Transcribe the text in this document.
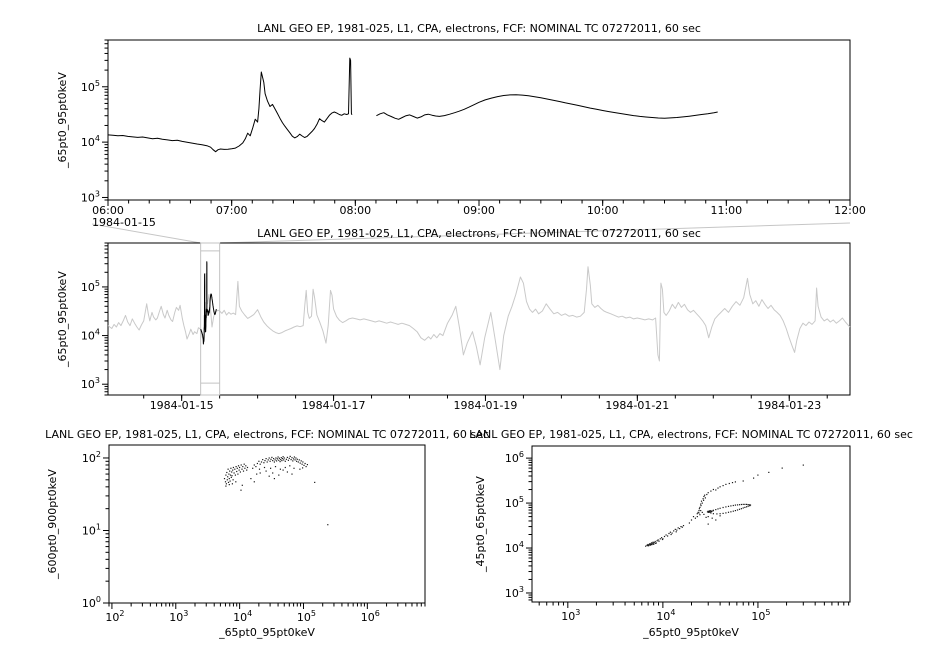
$10^3$
$10^4$
$10^5$
06:00	07:00	08:00	09:00	10:00	11:00	12:00
$10^3$
$10^4$
$10^5$
1984-01-15	1984-01-17	1984-01-19	1984-01-21	1984-01-23
$10^0$
$10^1$
$10^2$
$10^2$	$10^3$	$10^4$	$10^5$	$10^6$
$10^3$
$10^4$
$10^5$
$10^6$
$10^3$	$10^4$	$10^5$
LANL GEO EP, 1981-025, L1, CPA, electrons, FCF: NOMINAL TC 07272011, 60 sec
1984-01-15
LANL GEO EP, 1981-025, L1, CPA, electrons, FCF: NOMINAL TC 07272011, 60 sec
LANL GEO EP, 1981-025, L1, CPA, electrons, FCF: NOMINAL TC 07272011, 60 sec
LANL GEO EP, 1981-025, L1, CPA, electrons, FCF: NOMINAL TC 07272011, 60 sec
_65pt0_95pt0keV
_65pt0_95pt0keV
_600pt0_900pt0keV	_45pt0_65pt0keV
_65pt0_95pt0keV	_65pt0_95pt0keV
